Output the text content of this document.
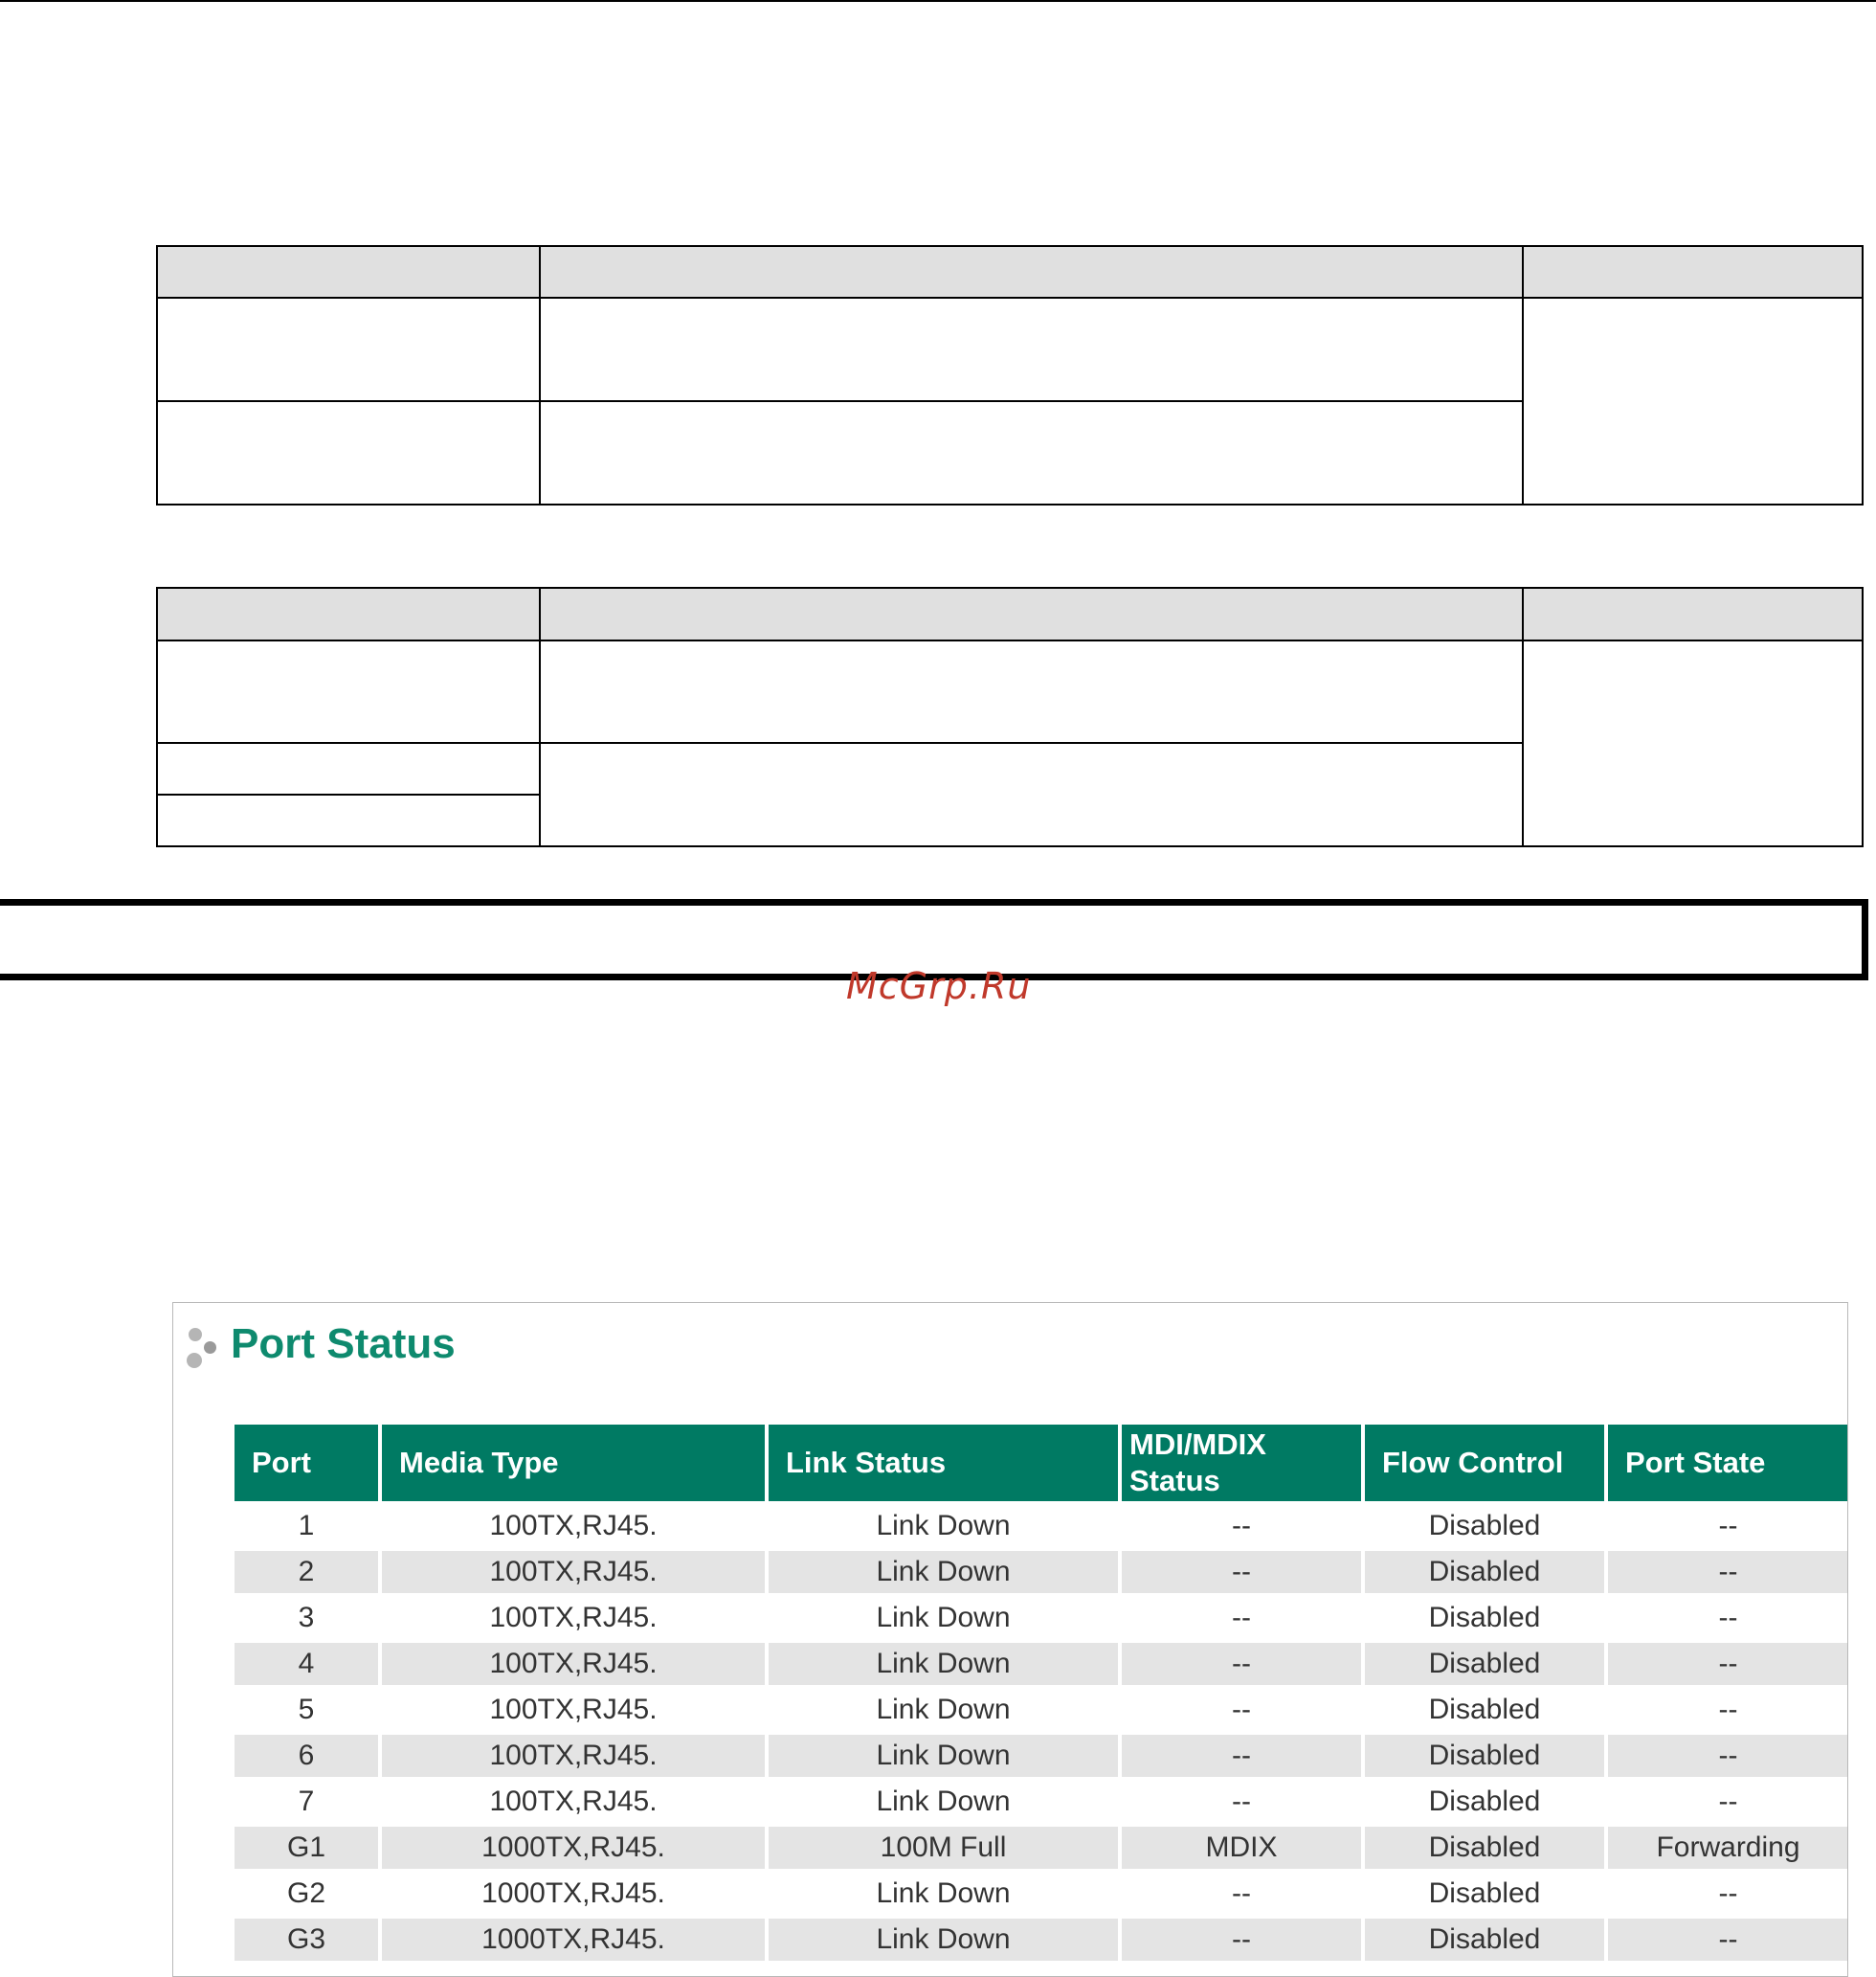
McGrp.Ru
Port Status
Port	Media Type	Link Status	MDI/MDIX Status	Flow Control	Port State
1	100TX,RJ45.	Link Down	--	Disabled	--
2	100TX,RJ45.	Link Down	--	Disabled	--
3	100TX,RJ45.	Link Down	--	Disabled	--
4	100TX,RJ45.	Link Down	--	Disabled	--
5	100TX,RJ45.	Link Down	--	Disabled	--
6	100TX,RJ45.	Link Down	--	Disabled	--
7	100TX,RJ45.	Link Down	--	Disabled	--
G1	1000TX,RJ45.	100M Full	MDIX	Disabled	Forwarding
G2	1000TX,RJ45.	Link Down	--	Disabled	--
G3	1000TX,RJ45.	Link Down	--	Disabled	--
